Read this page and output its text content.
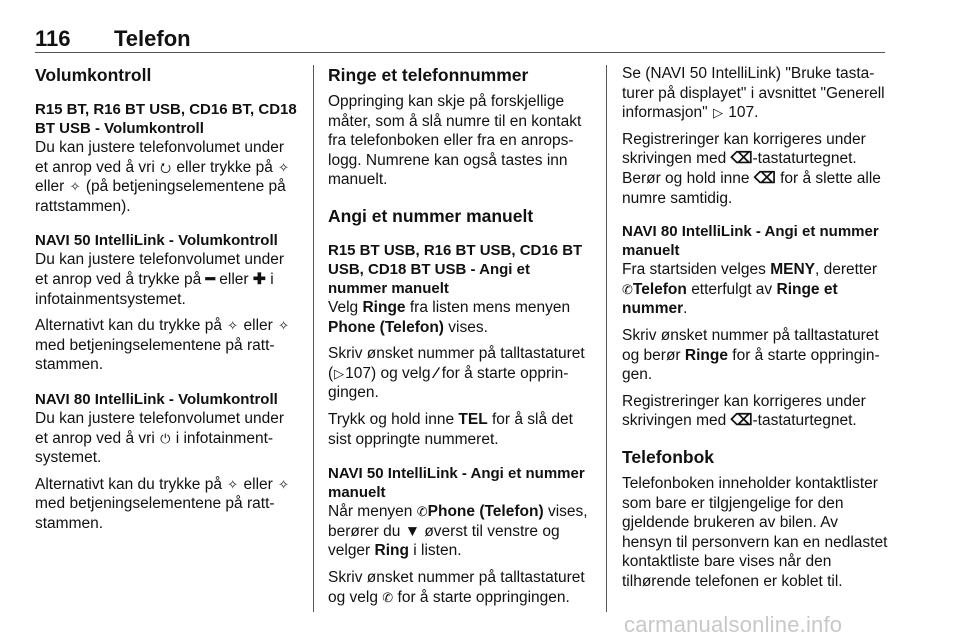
116 Telefon
Volumkontroll
R15 BT, R16 BT USB, CD16 BT, CD18 BT USB - Volumkontroll

Du kan justere telefonvolumet under et anrop ved å vri ⭮ eller trykke på ✧ eller ✧ (på betjeningselementene på rattstammen).

NAVI 50 IntelliLink - Volumkontroll

Du kan justere telefonvolumet under et anrop ved å trykke på ━ eller ✚ i infotainmentsystemet.

Alternativt kan du trykke på ✧ eller ✧ med betjeningselementene på rattstammen.

NAVI 80 IntelliLink - Volumkontroll

Du kan justere telefonvolumet under et anrop ved å vri ⏻ i infotainmentsystemet.

Alternativt kan du trykke på ✧ eller ✧ med betjeningselementene på rattstammen.

Ringe et telefonnummer

Oppringing kan skje på forskjellige måter, som å slå numre til en kontakt fra telefonboken eller fra en anropslogg. Numrene kan også tastes inn manuelt.

Angi et nummer manuelt
R15 BT USB, R16 BT USB, CD16 BT USB, CD18 BT USB - Angi et nummer manuelt

Velg Ringe fra listen mens menyen Phone (Telefon) vises.

Skriv ønsket nummer på talltastaturet (▷107) og velg ∕ for å starte oppringingen.

Trykk og hold inne TEL for å slå det sist oppringte nummeret.

NAVI 50 IntelliLink - Angi et nummer manuelt

Når menyen ✆Phone (Telefon) vises, berører du ▼ øverst til venstre og velger Ring i listen.

Skriv ønsket nummer på talltastaturet og velg ✆ for å starte oppringingen.

Se (NAVI 50 IntelliLink) "Bruke tastaturer på displayet" i avsnittet "Generell informasjon" ▷ 107.

Registreringer kan korrigeres under skrivingen med ⌫-tastaturtegnet.
Berør og hold inne ⌫ for å slette alle numre samtidig.

NAVI 80 IntelliLink - Angi et nummer manuelt

Fra startsiden velges MENY, deretter ✆Telefon etterfulgt av Ringe et nummer.

Skriv ønsket nummer på talltastaturet og berør Ringe for å starte oppringingen.

Registreringer kan korrigeres under skrivingen med ⌫-tastaturtegnet.

Telefonbok

Telefonboken inneholder kontaktlister som bare er tilgjengelige for den gjeldende brukeren av bilen. Av hensyn til personvern kan en nedlastet kontaktliste bare vises når den tilhørende telefonen er koblet til.

carmanualsonline.info
